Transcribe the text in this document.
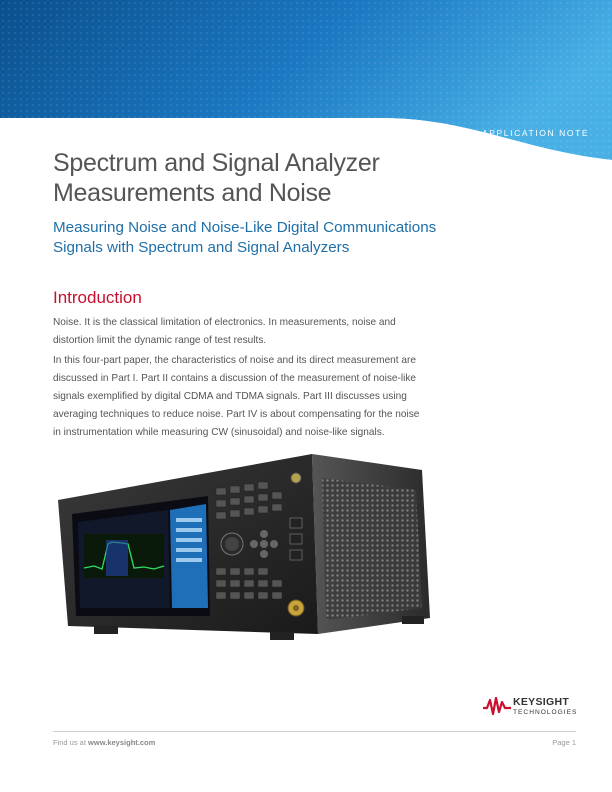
APPLICATION NOTE
Spectrum and Signal Analyzer
Measurements and Noise
Measuring Noise and Noise-Like Digital Communications
Signals with Spectrum and Signal Analyzers
Introduction

Noise. It is the classical limitation of electronics. In measurements, noise and
distortion limit the dynamic range of test results.

In this four-part paper, the characteristics of noise and its direct measurement are
discussed in Part I. Part II contains a discussion of the measurement of noise-like
signals exemplified by digital CDMA and TDMA signals. Part III discusses using
averaging techniques to reduce noise. Part IV is about compensating for the noise
in instrumentation while measuring CW (sinusoidal) and noise-like signals.

KEYSIGHT
TECHNOLOGIES
Find us at www.keysight.com	Page 1
